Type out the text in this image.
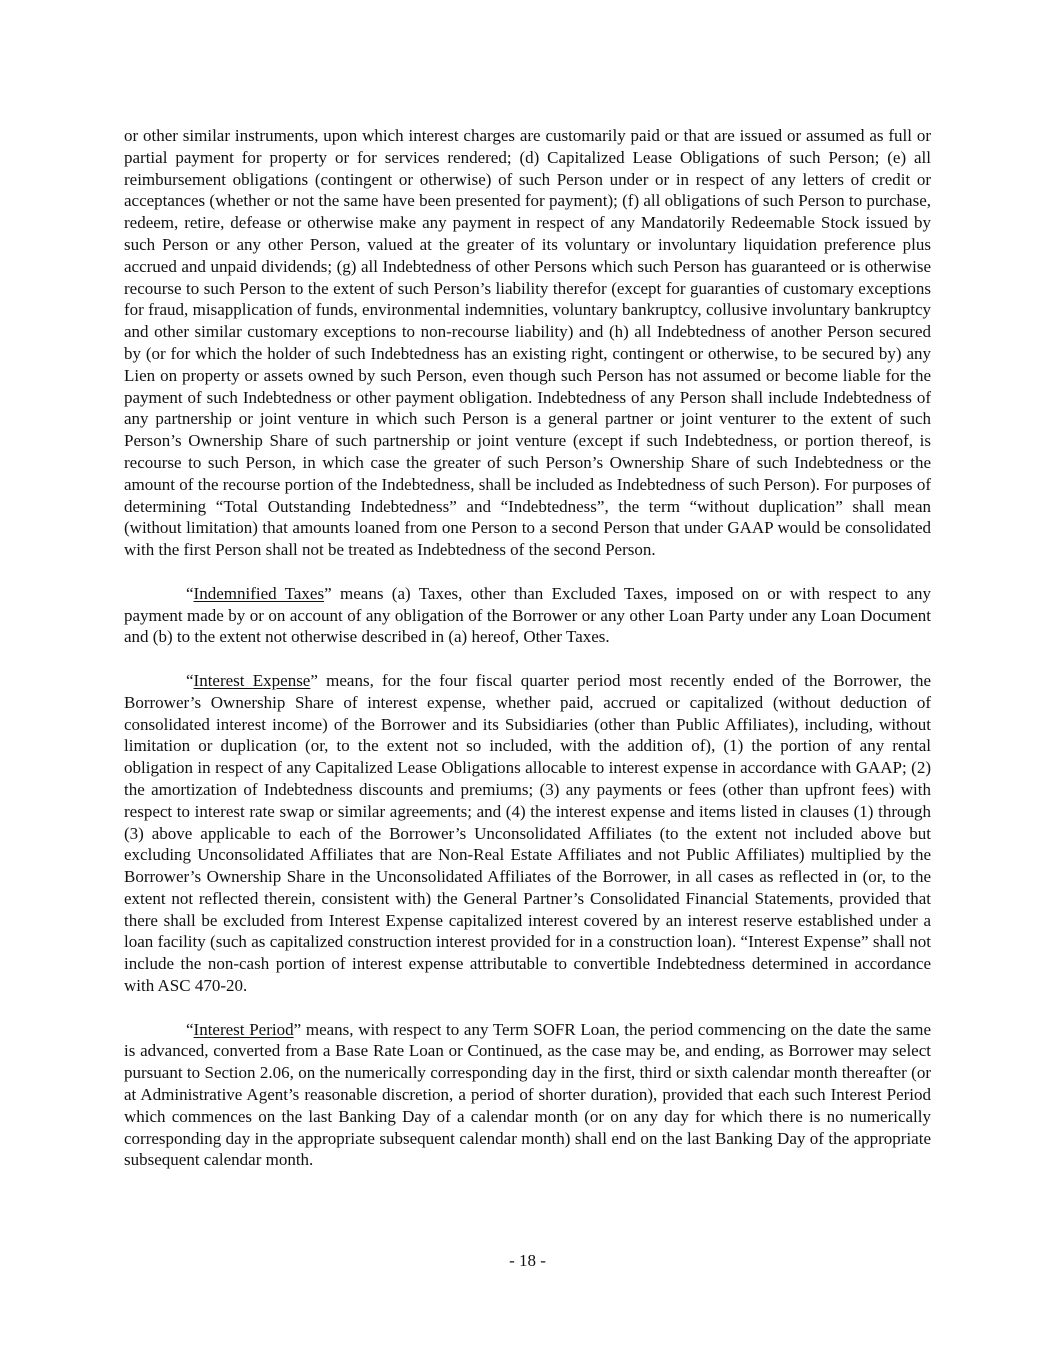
or other similar instruments, upon which interest charges are customarily paid or that are issued or assumed as full or partial payment for property or for services rendered; (d) Capitalized Lease Obligations of such Person; (e) all reimbursement obligations (contingent or otherwise) of such Person under or in respect of any letters of credit or acceptances (whether or not the same have been presented for payment); (f) all obligations of such Person to purchase, redeem, retire, defease or otherwise make any payment in respect of any Mandatorily Redeemable Stock issued by such Person or any other Person, valued at the greater of its voluntary or involuntary liquidation preference plus accrued and unpaid dividends; (g) all Indebtedness of other Persons which such Person has guaranteed or is otherwise recourse to such Person to the extent of such Person’s liability therefor (except for guaranties of customary exceptions for fraud, misapplication of funds, environmental indemnities, voluntary bankruptcy, collusive involuntary bankruptcy and other similar customary exceptions to non-recourse liability) and (h) all Indebtedness of another Person secured by (or for which the holder of such Indebtedness has an existing right, contingent or otherwise, to be secured by) any Lien on property or assets owned by such Person, even though such Person has not assumed or become liable for the payment of such Indebtedness or other payment obligation. Indebtedness of any Person shall include Indebtedness of any partnership or joint venture in which such Person is a general partner or joint venturer to the extent of such Person’s Ownership Share of such partnership or joint venture (except if such Indebtedness, or portion thereof, is recourse to such Person, in which case the greater of such Person’s Ownership Share of such Indebtedness or the amount of the recourse portion of the Indebtedness, shall be included as Indebtedness of such Person). For purposes of determining “Total Outstanding Indebtedness” and “Indebtedness”, the term “without duplication” shall mean (without limitation) that amounts loaned from one Person to a second Person that under GAAP would be consolidated with the first Person shall not be treated as Indebtedness of the second Person.

“Indemnified Taxes” means (a) Taxes, other than Excluded Taxes, imposed on or with respect to any payment made by or on account of any obligation of the Borrower or any other Loan Party under any Loan Document and (b) to the extent not otherwise described in (a) hereof, Other Taxes.

“Interest Expense” means, for the four fiscal quarter period most recently ended of the Borrower, the Borrower’s Ownership Share of interest expense, whether paid, accrued or capitalized (without deduction of consolidated interest income) of the Borrower and its Subsidiaries (other than Public Affiliates), including, without limitation or duplication (or, to the extent not so included, with the addition of), (1) the portion of any rental obligation in respect of any Capitalized Lease Obligations allocable to interest expense in accordance with GAAP; (2) the amortization of Indebtedness discounts and premiums; (3) any payments or fees (other than upfront fees) with respect to interest rate swap or similar agreements; and (4) the interest expense and items listed in clauses (1) through (3) above applicable to each of the Borrower’s Unconsolidated Affiliates (to the extent not included above but excluding Unconsolidated Affiliates that are Non-Real Estate Affiliates and not Public Affiliates) multiplied by the Borrower’s Ownership Share in the Unconsolidated Affiliates of the Borrower, in all cases as reflected in (or, to the extent not reflected therein, consistent with) the General Partner’s Consolidated Financial Statements, provided that there shall be excluded from Interest Expense capitalized interest covered by an interest reserve established under a loan facility (such as capitalized construction interest provided for in a construction loan). “Interest Expense” shall not include the non-cash portion of interest expense attributable to convertible Indebtedness determined in accordance with ASC 470-20.

“Interest Period” means, with respect to any Term SOFR Loan, the period commencing on the date the same is advanced, converted from a Base Rate Loan or Continued, as the case may be, and ending, as Borrower may select pursuant to Section 2.06, on the numerically corresponding day in the first, third or sixth calendar month thereafter (or at Administrative Agent’s reasonable discretion, a period of shorter duration), provided that each such Interest Period which commences on the last Banking Day of a calendar month (or on any day for which there is no numerically corresponding day in the appropriate subsequent calendar month) shall end on the last Banking Day of the appropriate subsequent calendar month.

- 18 -
